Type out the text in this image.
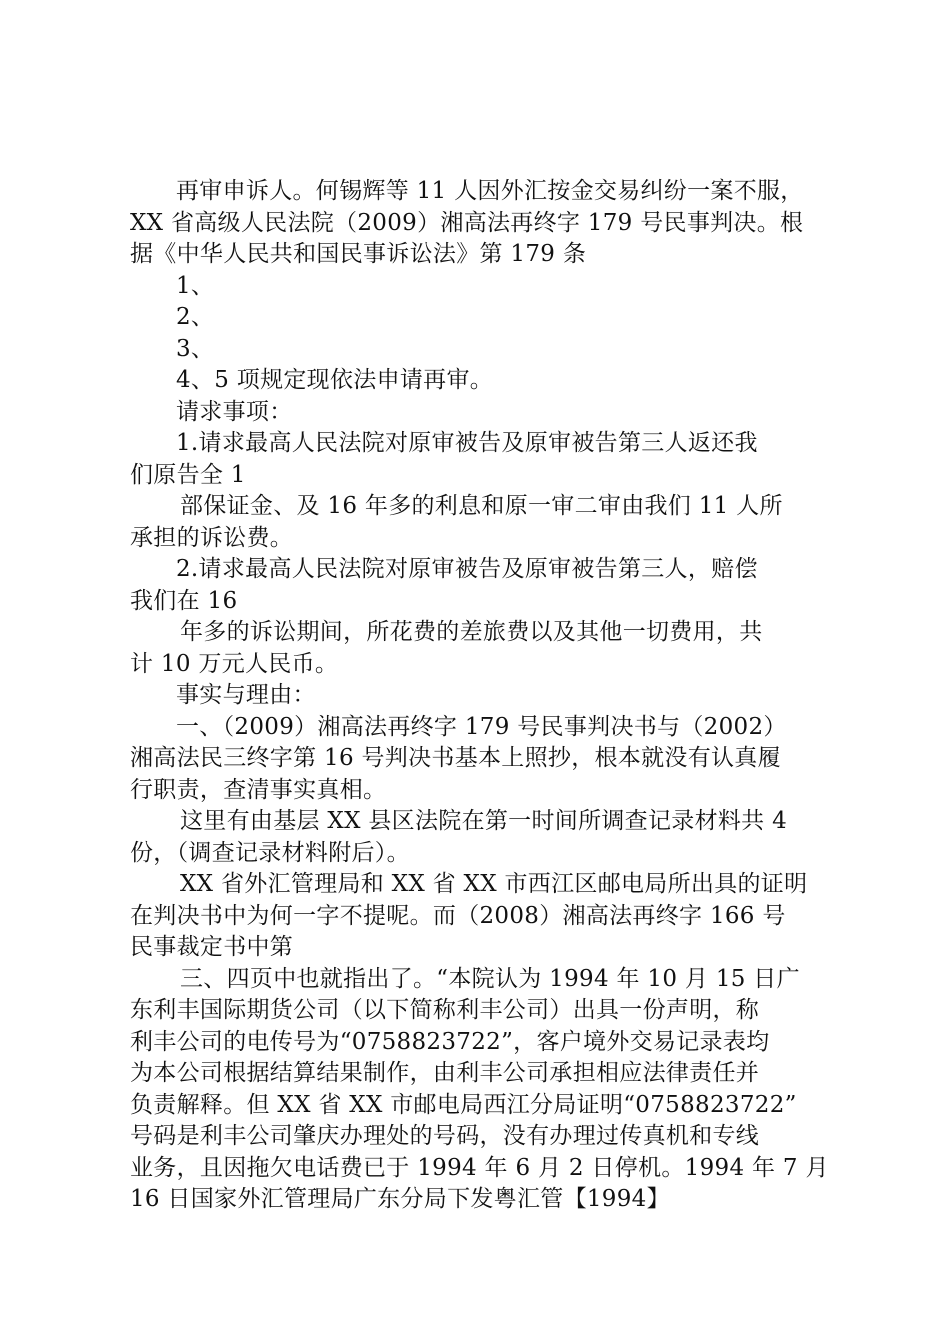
再审申诉人。何锡辉等 11 人因外汇按金交易纠纷一案不服，

XX 省高级人民法院（2009）湘高法再终字 179 号民事判决。根

据《中华人民共和国民事诉讼法》第 179 条

1、

2、

3、

4、5 项规定现依法申请再审。

请求事项：

1.请求最高人民法院对原审被告及原审被告第三人返还我

们原告全 1

部保证金、及 16 年多的利息和原一审二审由我们 11 人所

承担的诉讼费。

2.请求最高人民法院对原审被告及原审被告第三人，赔偿

我们在 16

年多的诉讼期间，所花费的差旅费以及其他一切费用，共

计 10 万元人民币。

事实与理由：

一、（2009）湘高法再终字 179 号民事判决书与（2002）

湘高法民三终字第 16 号判决书基本上照抄，根本就没有认真履

行职责，查清事实真相。

这里有由基层 XX 县区法院在第一时间所调查记录材料共 4

份，（调查记录材料附后）。

XX 省外汇管理局和 XX 省 XX 市西江区邮电局所出具的证明

在判决书中为何一字不提呢。而（2008）湘高法再终字 166 号

民事裁定书中第

三、四页中也就指出了。“本院认为 1994 年 10 月 15 日广

东利丰国际期货公司（以下简称利丰公司）出具一份声明，称

利丰公司的电传号为“0758823722”，客户境外交易记录表均

为本公司根据结算结果制作，由利丰公司承担相应法律责任并

负责解释。但 XX 省 XX 市邮电局西江分局证明“0758823722”

号码是利丰公司肇庆办理处的号码，没有办理过传真机和专线

业务，且因拖欠电话费已于 1994 年 6 月 2 日停机。1994 年 7 月

16 日国家外汇管理局广东分局下发粤汇管【1994】
